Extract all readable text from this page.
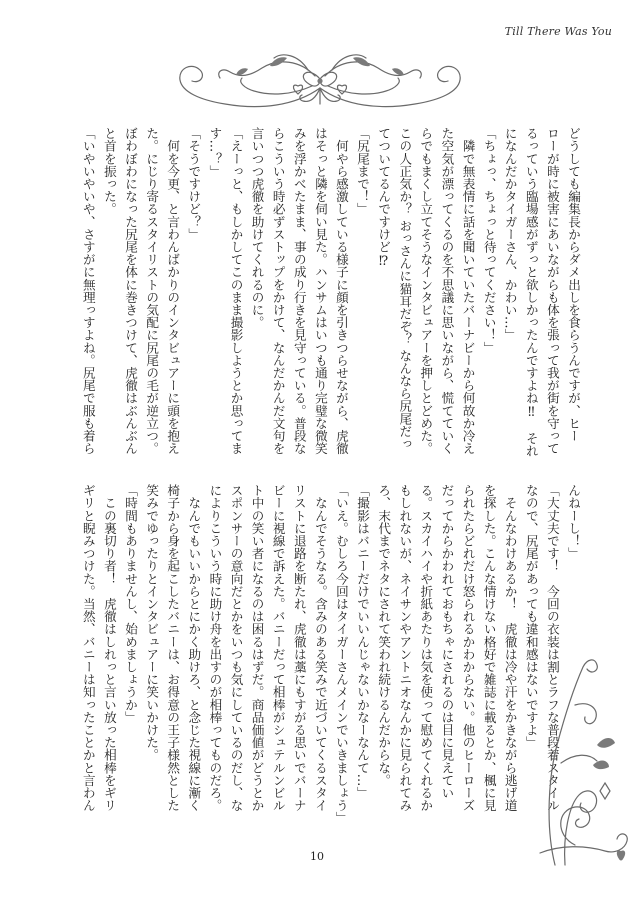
Till There Was You
どうしても編集長からダメ出しを食らうんですが、ヒー
ローが時に被害にあいながらも体を張って我が街を守って
るっていう臨場感がずっと欲しかったんですよね‼　それ
になんだかタイガーさん、かわい…」
「ちょっ、ちょっと待ってください！」
　隣で無表情に話を聞いていたバーナビーから何故か冷え
た空気が漂ってくるのを不思議に思いながら、慌てていく
らでもまくし立てそうなインタビュアーを押しとどめた。
この人正気か？ おっさんに猫耳だぞ？ なんなら尻尾だっ
てついてるんですけど⁉
「尻尾まで！」
　何やら感激している様子に顔を引きつらせながら、虎徹
はそっと隣を伺い見た。ハンサムはいつも通り完璧な微笑
みを浮かべたまま、事の成り行きを見守っている。普段な
らこういう時必ずストップをかけて、なんだかんだ文句を
言いつつ虎徹を助けてくれるのに。
「えーっと、もしかしてこのまま撮影しようとか思ってま
す…？」
「そうですけど？」
　何を今更、と言わんばかりのインタビュアーに頭を抱え
た。にじり寄るスタイリストの気配に尻尾の毛が逆立つ。
ぼわぼわになった尻尾を体に巻きつけて、虎徹はぶんぶん
と首を振った。
「いやいやいや、さすがに無理っすよね。尻尾で服も着ら
んねーし！」
「大丈夫です！　今回の衣装は割とラフな普段着スタイル
なので、尻尾があっても違和感はないですよ」
　そんなわけあるか！　虎徹は冷や汗をかきながら逃げ道
を探した。こんな情けない格好で雑誌に載るとか、楓に見
られたらどれだけ怒られるかわからない。他のヒーローズ
だってからかわれておもちゃにされるのは目に見えてい
る。スカイハイや折紙あたりは気を使って慰めてくれるか
もしれないが、ネイサンやアントニオなんかに見られてみ
ろ、末代までネタにされて笑われ続けるんだからな。
「撮影はバニーだけでいいんじゃないかなーなんて…」
「いえ。むしろ今回はタイガーさんメインでいきましょう」
　なんでそうなる。含みのある笑みで近づいてくるスタイ
リストに退路を断たれ、虎徹は藁にもすがる思いでバーナ
ビーに視線で訴えた。バニーだって相棒がシュテルンビル
ト中の笑い者になるのは困るはずだ。商品価値がどうとか
スポンサーの意向だとかをいつも気にしているのだし、な
によりこういう時に助け舟を出すのが相棒ってものだろ。
　なんでもいいからとにかく助けろ、と念じた視線に漸く
椅子から身を起こしたバニーは、お得意の王子様然とした
笑みでゆったりとインタビュアーに笑いかけた。
「時間もありませんし、始めましょうか」
　この裏切り者！　虎徹はしれっと言い放った相棒をギリ
ギリと睨みつけた。当然、バニーは知ったことかと言わん
10
